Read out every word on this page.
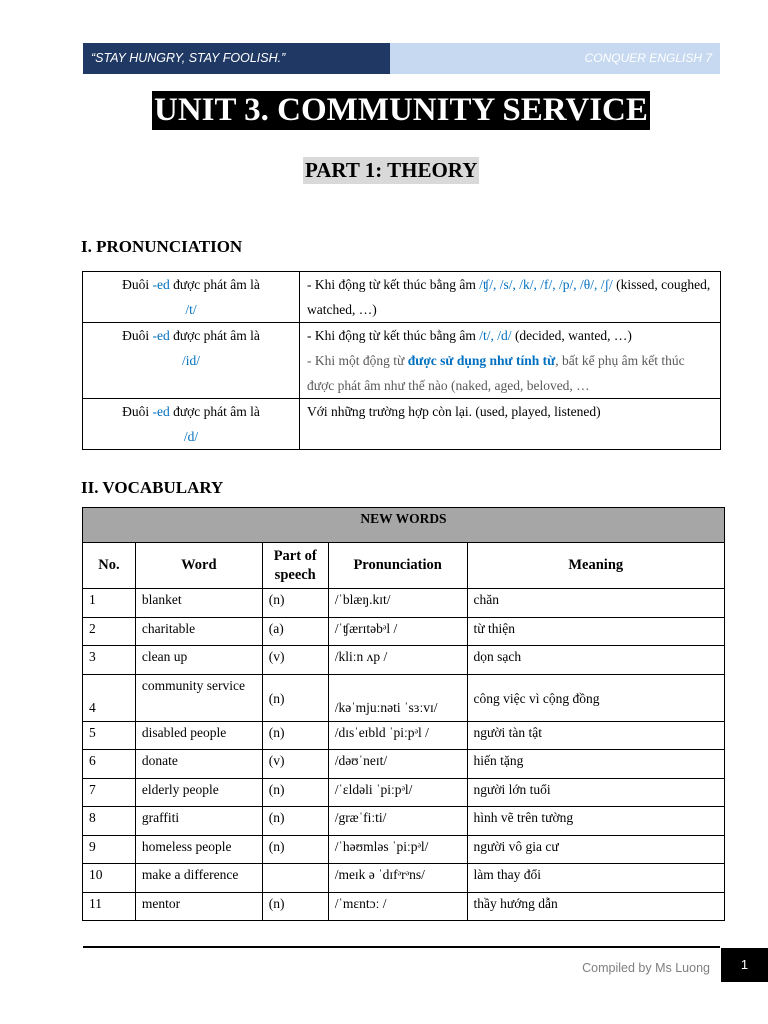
“STAY HUNGRY, STAY FOOLISH.”	CONQUER ENGLISH 7
UNIT 3. COMMUNITY SERVICE
PART 1: THEORY
I. PRONUNCIATION
Đuôi -ed được phát âm là
/t/	- Khi động từ kết thúc bằng âm /ʧ/, /s/, /k/, /f/, /p/, /θ/, /ʃ/ (kissed, coughed, watched, …)
Đuôi -ed được phát âm là
/id/	- Khi động từ kết thúc bằng âm /t/, /d/ (decided, wanted, …)
- Khi một động từ được sử dụng như tính từ, bất kể phụ âm kết thúc được phát âm như thế nào (naked, aged, beloved, …
Đuôi -ed được phát âm là
/d/	Với những trường hợp còn lại. (used, played, listened)
II. VOCABULARY
NEW WORDS				
No.	Word	Part of speech	Pronunciation	Meaning
1	blanket	(n)	/ˈblæŋ.kɪt/	chăn
2	charitable	(a)	/ˈʧærɪtəbᵊl /	từ thiện
3	clean up	(v)	/kliːn ʌp /	dọn sạch
4	community service	(n)	/kəˈmjuːnəti ˈsɜːvɪ/	công việc vì cộng đồng
5	disabled people	(n)	/dɪsˈeɪbld ˈpiːpᵊl /	người tàn tật
6	donate	(v)	/dəʊˈneɪt/	hiến tặng
7	elderly people	(n)	/ˈɛldəli ˈpiːpᵊl/	người lớn tuổi
8	graffiti	(n)	/græˈfiːti/	hình vẽ trên tường
9	homeless people	(n)	/ˈhəʊmləs ˈpiːpᵊl/	người vô gia cư
10	make a difference		/meɪk ə ˈdɪfᵊrᵊns/	làm thay đổi
11	mentor	(n)	/ˈmɛntɔː /	thầy hướng dẫn
Compiled by Ms Luong	1
